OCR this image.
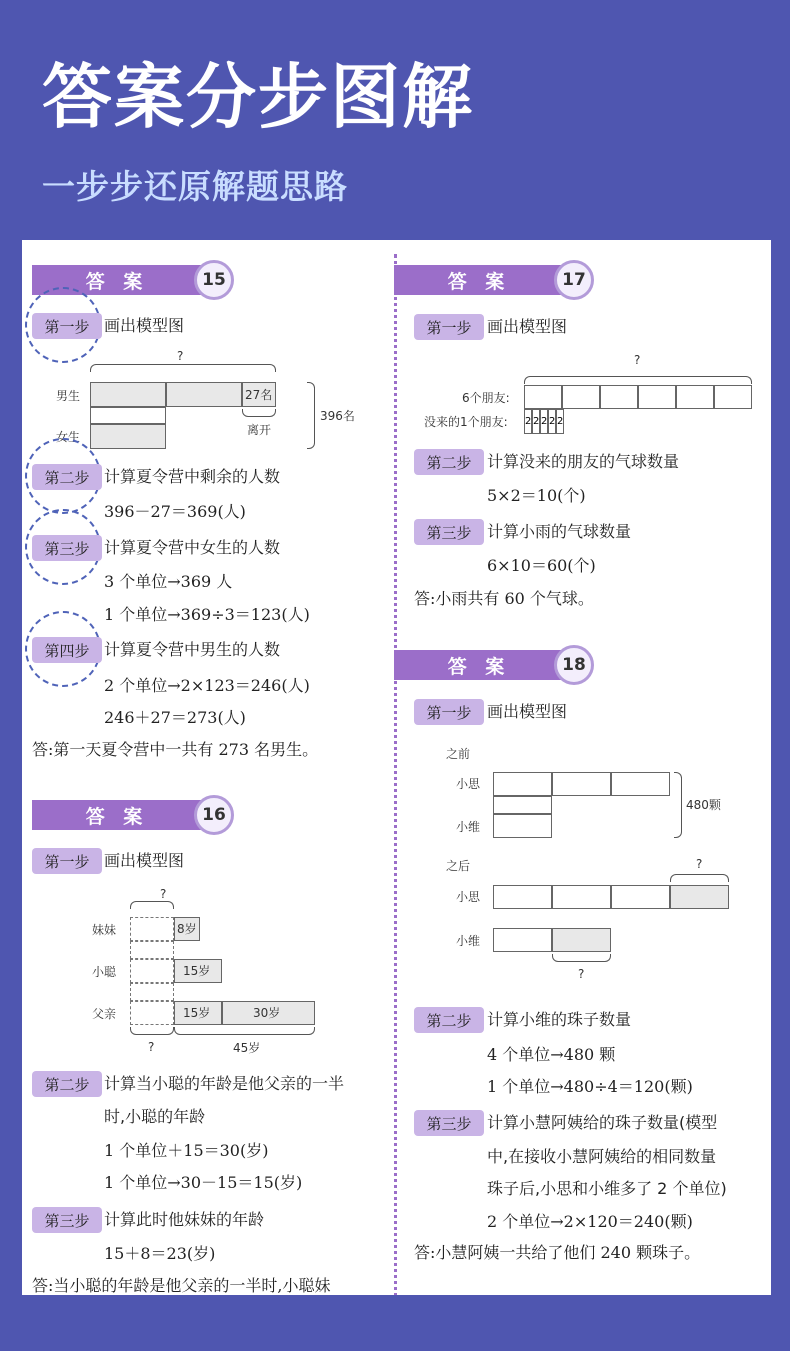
答案分步图解
一步步还原解题思路
答 案	15
第一步 画出模型图
?
男生	27名
离开
女生
396名
第二步 计算夏令营中剩余的人数
396－27＝369(人)
第三步 计算夏令营中女生的人数
3 个单位→369 人
1 个单位→369÷3＝123(人)
第四步 计算夏令营中男生的人数
2 个单位→2×123＝246(人)
246＋27＝273(人)
答:第一天夏令营中一共有 273 名男生。
答 案	16
第一步 画出模型图
?
妹妹	8岁
小聪	15岁
父亲	15岁	30岁
?	45岁
第二步 计算当小聪的年龄是他父亲的一半
时,小聪的年龄
1 个单位＋15＝30(岁)
1 个单位→30－15＝15(岁)
第三步 计算此时他妹妹的年龄
15＋8＝23(岁)
答:当小聪的年龄是他父亲的一半时,小聪妹
答 案	17
第一步 画出模型图
?
6个朋友:
没来的1个朋友: 2 2 2 2 2
第二步 计算没来的朋友的气球数量
5×2＝10(个)
第三步 计算小雨的气球数量
6×10＝60(个)
答:小雨共有 60 个气球。
答 案	18
第一步 画出模型图
之前
小思
小维
480颗
之后	?
小思
小维
?
第二步 计算小维的珠子数量
4 个单位→480 颗
1 个单位→480÷4＝120(颗)
第三步 计算小慧阿姨给的珠子数量(模型
中,在接收小慧阿姨给的相同数量
珠子后,小思和小维多了 2 个单位)
2 个单位→2×120＝240(颗)
答:小慧阿姨一共给了他们 240 颗珠子。
